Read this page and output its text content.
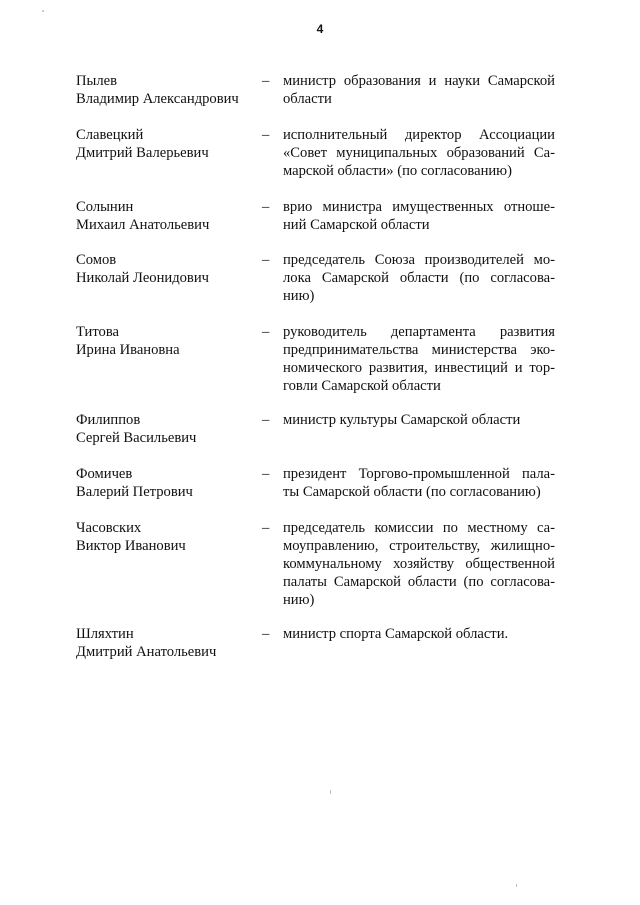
4
Пылев
Владимир Александрович
– министр образования и науки Самарской
области
Славецкий
Дмитрий Валерьевич
– исполнительный директор Ассоциации
«Совет муниципальных образований Са-
марской области» (по согласованию)
Солынин
Михаил Анатольевич
– врио министра имущественных отноше-
ний Самарской области
Сомов
Николай Леонидович
– председатель Союза производителей мо-
лока Самарской области (по согласова-
нию)
Титова
Ирина Ивановна
– руководитель департамента развития
предпринимательства министерства эко-
номического развития, инвестиций и тор-
говли Самарской области
Филиппов
Сергей Васильевич
– министр культуры Самарской области
Фомичев
Валерий Петрович
– президент Торгово-промышленной пала-
ты Самарской области (по согласованию)
Часовских
Виктор Иванович
– председатель комиссии по местному са-
моуправлению, строительству, жилищно-
коммунальному хозяйству общественной
палаты Самарской области (по согласова-
нию)
Шляхтин
Дмитрий Анатольевич
– министр спорта Самарской области.
